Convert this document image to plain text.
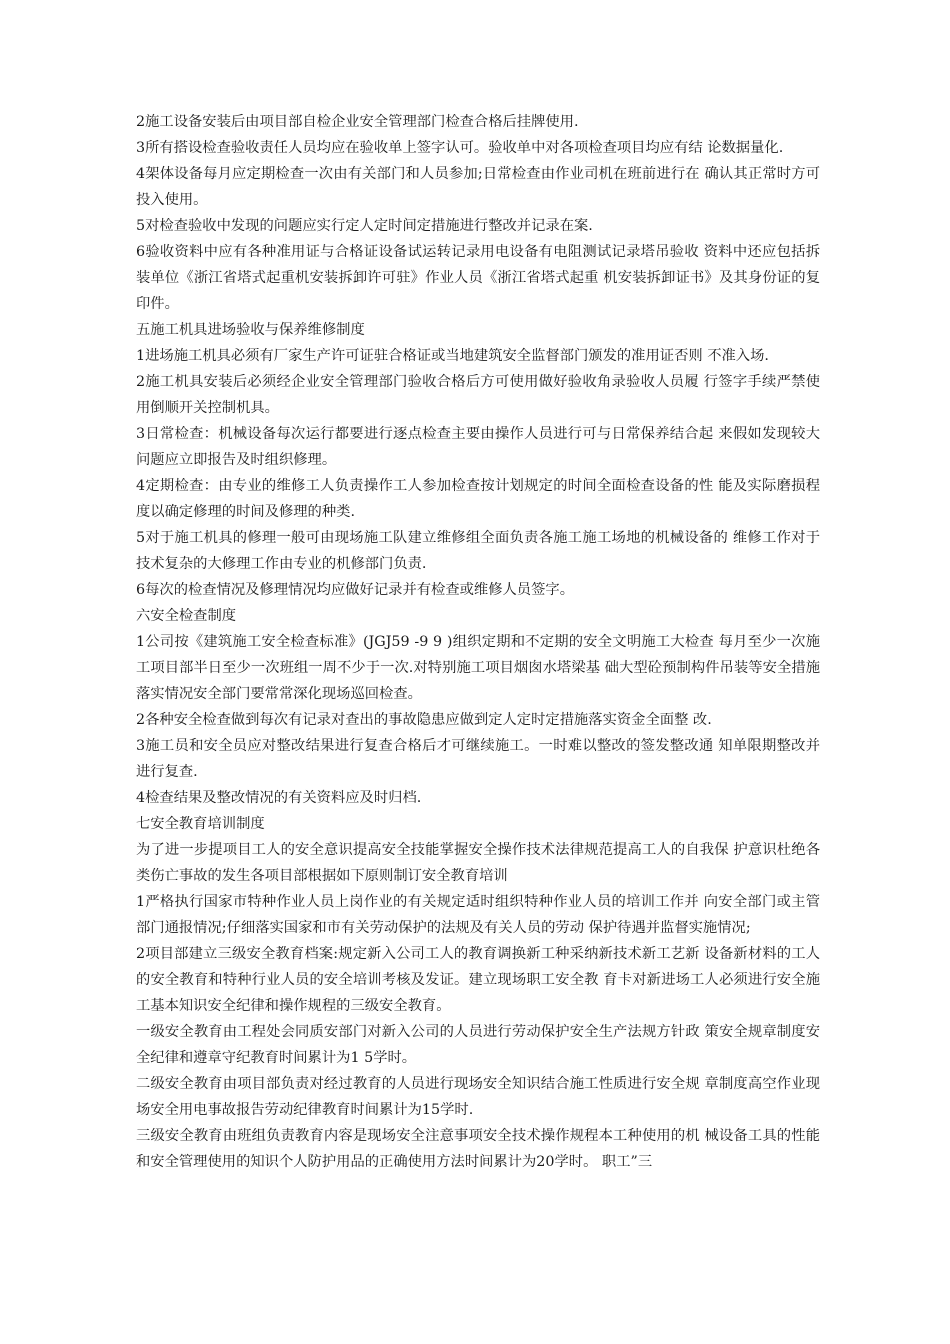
2施工设备安装后由项目部自检企业安全管理部门检查合格后挂牌使用.

3所有搭设检查验收责任人员均应在验收单上签字认可。验收单中对各项检查项目均应有结 论数据量化.

4架体设备每月应定期检查一次由有关部门和人员参加;日常检查由作业司机在班前进行在 确认其正常时方可投入使用。

5对检查验收中发现的问题应实行定人定时间定措施进行整改并记录在案.

6验收资料中应有各种准用证与合格证设备试运转记录用电设备有电阻测试记录塔吊验收 资料中还应包括拆装单位《浙江省塔式起重机安装拆卸许可驻》作业人员《浙江省塔式起重 机安装拆卸证书》及其身份证的复印件。

五施工机具进场验收与保养维修制度

1进场施工机具必须有厂家生产许可证驻合格证或当地建筑安全监督部门颁发的准用证否则 不准入场.

2施工机具安装后必须经企业安全管理部门验收合格后方可使用做好验收角录验收人员履 行签字手续严禁使用倒顺开关控制机具。

3日常检查：机械设备每次运行都要进行逐点检查主要由操作人员进行可与日常保养结合起 来假如发现较大问题应立即报告及时组织修理。

4定期检查：由专业的维修工人负责操作工人参加检查按计划规定的时间全面检查设备的性 能及实际磨损程度以确定修理的时间及修理的种类.

5对于施工机具的修理一般可由现场施工队建立维修组全面负责各施工施工场地的机械设备的 维修工作对于技术复杂的大修理工作由专业的机修部门负责.

6每次的检查情况及修理情况均应做好记录并有检查或维修人员签字。

六安全检查制度

1公司按《建筑施工安全检查标准》(JGJ59 -9 9 )组织定期和不定期的安全文明施工大检查 每月至少一次施工项目部半日至少一次班组一周不少于一次.对特别施工项目烟囱水塔梁基 础大型砼预制构件吊装等安全措施落实情况安全部门要常常深化现场巡回检查。

2各种安全检查做到每次有记录对查出的事故隐患应做到定人定时定措施落实资金全面整 改.

3施工员和安全员应对整改结果进行复查合格后才可继续施工。一时难以整改的签发整改通 知单限期整改并进行复查.

4检查结果及整改情况的有关资料应及时归档.

七安全教育培训制度

为了进一步提项目工人的安全意识提高安全技能掌握安全操作技术法律规范提高工人的自我保 护意识杜绝各类伤亡事故的发生各项目部根据如下原则制订安全教育培训

1严格执行国家市特种作业人员上岗作业的有关规定适时组织特种作业人员的培训工作并 向安全部门或主管部门通报情况;仔细落实国家和市有关劳动保护的法规及有关人员的劳动 保护待遇并监督实施情况;

2项目部建立三级安全教育档案:规定新入公司工人的教育调换新工种采纳新技术新工艺新 设备新材料的工人的安全教育和特种行业人员的安全培训考核及发证。建立现场职工安全教 育卡对新进场工人必须进行安全施工基本知识安全纪律和操作规程的三级安全教育。

一级安全教育由工程处会同质安部门对新入公司的人员进行劳动保护安全生产法规方针政 策安全规章制度安全纪律和遵章守纪教育时间累计为1 5学时。

二级安全教育由项目部负责对经过教育的人员进行现场安全知识结合施工性质进行安全规 章制度高空作业现场安全用电事故报告劳动纪律教育时间累计为15学时.

三级安全教育由班组负责教育内容是现场安全注意事项安全技术操作规程本工种使用的机 械设备工具的性能和安全管理使用的知识个人防护用品的正确使用方法时间累计为20学时。 职工”三
